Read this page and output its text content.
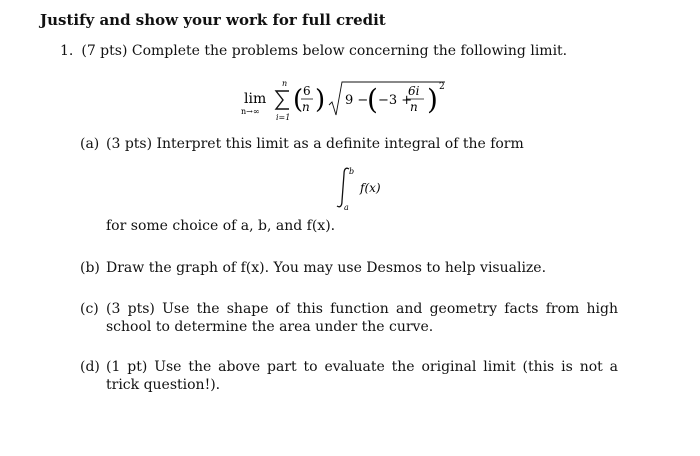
Justify and show your work for full credit
1. (7 pts) Complete the problems below concerning the following limit.
lim
n→∞
n
i=1
( 6
n ) 9 −
( −3 +
6i
n ) 2
(a) (3 pts) Interpret this limit as a definite integral of the form
b
a
f(x)
for some choice of a, b, and f(x).
(b) Draw the graph of f(x). You may use Desmos to help visualize.
(c) (3 pts) Use the shape of this function and geometry facts from high school to determine the area under the curve.
(d) (1 pt) Use the above part to evaluate the original limit (this is not a trick question!).
